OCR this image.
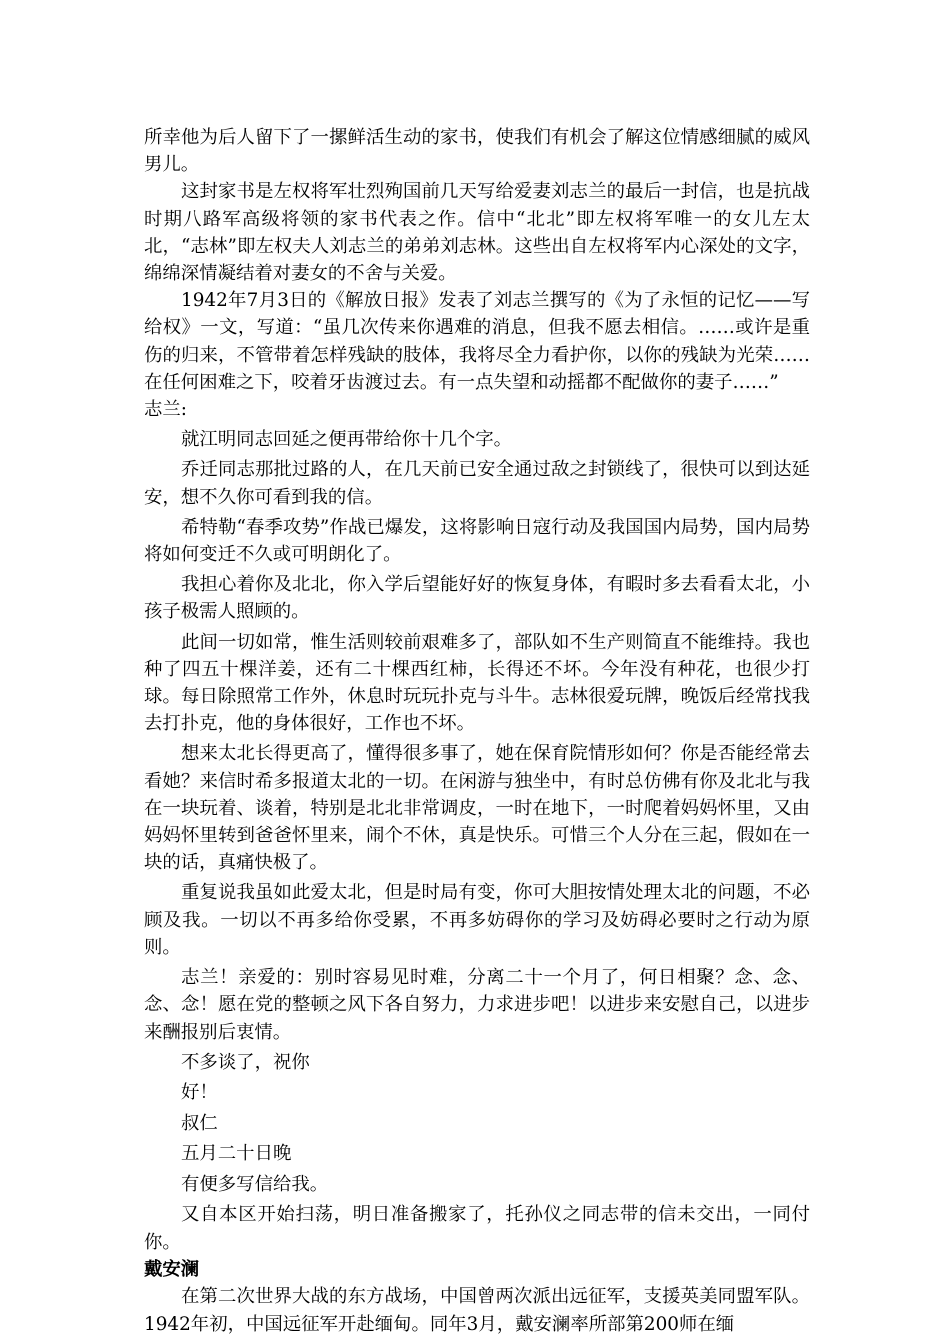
所幸他为后人留下了一摞鲜活生动的家书，使我们有机会了解这位情感细腻的威风男儿。

这封家书是左权将军壮烈殉国前几天写给爱妻刘志兰的最后一封信，也是抗战时期八路军高级将领的家书代表之作。信中“北北”即左权将军唯一的女儿左太北，“志林”即左权夫人刘志兰的弟弟刘志林。这些出自左权将军内心深处的文字，绵绵深情凝结着对妻女的不舍与关爱。

1942年7月3日的《解放日报》发表了刘志兰撰写的《为了永恒的记忆——写给权》一文，写道：“虽几次传来你遇难的消息，但我不愿去相信。……或许是重伤的归来，不管带着怎样残缺的肢体，我将尽全力看护你，以你的残缺为光荣……在任何困难之下，咬着牙齿渡过去。有一点失望和动摇都不配做你的妻子……”

志兰:

就江明同志回延之便再带给你十几个字。

乔迁同志那批过路的人，在几天前已安全通过敌之封锁线了，很快可以到达延安，想不久你可看到我的信。

希特勒“春季攻势”作战已爆发，这将影响日寇行动及我国国内局势，国内局势将如何变迁不久或可明朗化了。

我担心着你及北北，你入学后望能好好的恢复身体，有暇时多去看看太北，小孩子极需人照顾的。

此间一切如常，惟生活则较前艰难多了，部队如不生产则简直不能维持。我也种了四五十棵洋姜，还有二十棵西红柿，长得还不坏。今年没有种花，也很少打球。每日除照常工作外，休息时玩玩扑克与斗牛。志林很爱玩牌，晚饭后经常找我去打扑克，他的身体很好，工作也不坏。

想来太北长得更高了，懂得很多事了，她在保育院情形如何？你是否能经常去看她？来信时希多报道太北的一切。在闲游与独坐中，有时总仿佛有你及北北与我在一块玩着、谈着，特别是北北非常调皮，一时在地下，一时爬着妈妈怀里，又由妈妈怀里转到爸爸怀里来，闹个不休，真是快乐。可惜三个人分在三起，假如在一块的话，真痛快极了。

重复说我虽如此爱太北，但是时局有变，你可大胆按情处理太北的问题，不必顾及我。一切以不再多给你受累，不再多妨碍你的学习及妨碍必要时之行动为原则。

志兰！亲爱的：别时容易见时难，分离二十一个月了，何日相聚？念、念、念、念！愿在党的整顿之风下各自努力，力求进步吧！以进步来安慰自己，以进步来酬报别后衷情。

不多谈了，祝你

好！

叔仁

五月二十日晚

有便多写信给我。

又自本区开始扫荡，明日准备搬家了，托孙仪之同志带的信未交出，一同付你。

戴安澜

在第二次世界大战的东方战场，中国曾两次派出远征军，支援英美同盟军队。1942年初，中国远征军开赴缅甸。同年3月，戴安澜率所部第200师在缅
